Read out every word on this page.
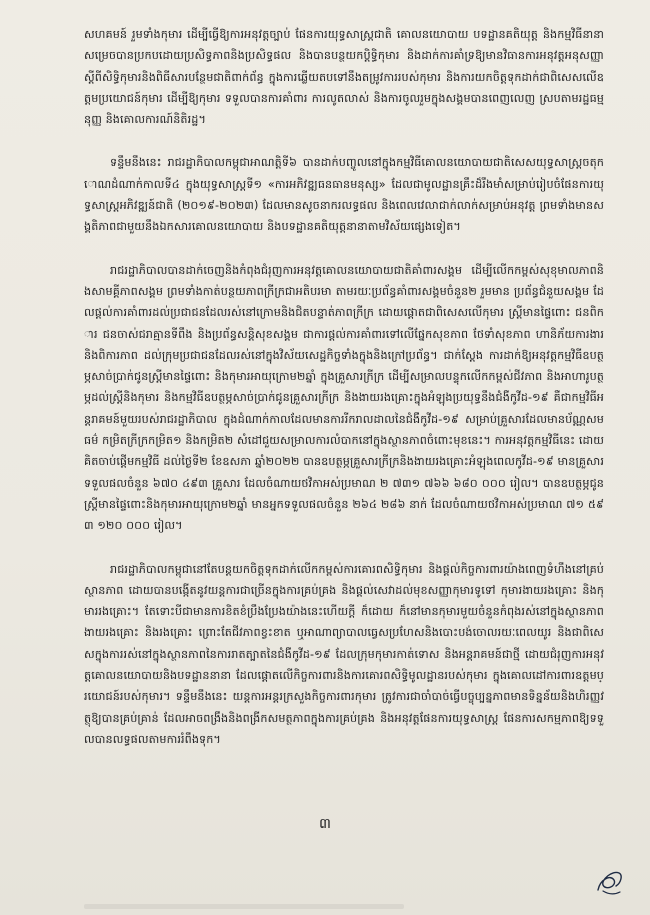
សហគមន៍ រួមទាំងកុមារ ដើម្បីធ្វើឱ្យការអនុវត្តច្បាប់ ផែនការយុទ្ធសាស្ត្រជាតិ គោលនយោបាយ បទដ្ឋានគតិយុត្ត និងកម្មវិធីនានា សម្រេចបានប្រកបដោយប្រសិទ្ធភាពនិងប្រសិទ្ធផល និងបានបន្ថយកប្តិទ្ធិកុមារ និងដាក់ការគាំទ្រឱ្យមានវិធានការអនុវត្តអនុសញ្ញាស្តីពីសិទ្ធិកុមារនិងពិធីសារបន្ថែមជាតិពាក់ព័ន្ធ ក្នុងការឆ្លើយតបទៅនឹងតម្រូវការរបស់កុមារ និងការយកចិត្តទុកដាក់ជាពិសេសលើឧត្តមប្រយោជន៍កុមារ ដើម្បីឱ្យកុមារ ទទួលបានការគាំពារ ការលូតលាស់ និងការចូលរួមក្នុងសង្គមបានពេញលេញ ស្របតាមរដ្ឋធម្មនុញ្ញ និងគោលការណ៍និតិរដ្ឋ។

ទន្ទឹមនឹងនេះ រាជរដ្ឋាភិបាលកម្ពុជាអាណត្តិទី៦ បានដាក់បញ្ចូលនៅក្នុងកម្មវិធីគោលនយោបាយជាតិសេសយុទ្ធសាស្ត្រចតុកោណដំណាក់កាលទី៤ ក្នុងយុទ្ធសាស្ត្រទី១ «ការអភិវឌ្ឍធនធានមនុស្ស» ដែលជាមូលដ្ឋានគ្រឹះដ៏រឹងមាំសម្រាប់រៀបចំផែនការយុទ្ធសាស្ត្រអភិវឌ្ឍន៍ជាតិ (២០១៩-២០២៣) ដែលមានសូចនាករលទ្ធផល និងពេលវេលាជាក់លាក់សម្រាប់អនុវត្ត ព្រមទាំងមានសង្គតិភាពជាមួយនឹងឯកសារគោលនយោបាយ និងបទដ្ឋានគតិយុត្តនានាតាមវិស័យផ្សេងទៀត។

រាជរដ្ឋាភិបាលបានដាក់ចេញនិងកំពុងជំរុញការអនុវត្តគោលនយោបាយជាតិគាំពារសង្គម ដើម្បីលើកកម្ពស់សុខុមាលភាពនិងសាមគ្គីភាពសង្គម ព្រមទាំងកាត់បន្ថយភាពក្រីក្រជាអតិបរមា តាមរយៈប្រព័ន្ធគាំពារសង្គមចំនួន២ រួមមាន ប្រព័ន្ធជំនួយសង្គម ដែលផ្តល់ការគាំពារដល់ប្រជាជនដែលរស់នៅក្រោមនិងជិតបន្ទាត់ភាពក្រីក្រ ដោយផ្តោតជាពិសេសលើកុមារ ស្ត្រីមានផ្ទៃពោះ ជនពិការ ជនចាស់ជរាគ្មានទីពឹង និងប្រព័ន្ធសន្តិសុខសង្គម ជាការផ្តល់ការគាំពារទៅលើផ្នែកសុខភាព ថែទាំសុខភាព ហានិភ័យការងារ និងពិការភាព ដល់ក្រុមប្រជាជនដែលរស់នៅក្នុងវិស័យសេដ្ឋកិច្ចទាំងក្នុងនិងក្រៅប្រព័ន្ធ។ ជាក់ស្តែង ការដាក់ឱ្យអនុវត្តកម្មវិធីឧបត្ថម្ភសាច់ប្រាក់ជូនស្ត្រីមានផ្ទៃពោះ និងកុមារអាយុក្រោម២ឆ្នាំ ក្នុងគ្រួសារក្រីក្រ ដើម្បីសម្រាលបន្ទុកលើកកម្ពស់ជីវភាព និងអាហារូបត្ថម្ភដល់ស្ត្រីនិងកុមារ និងកម្មវិធីឧបត្ថម្ភសាច់ប្រាក់ជូនគ្រួសារក្រីក្រ និងងាយរងគ្រោះក្នុងអំឡុងប្រយុទ្ធនឹងជំងឺកូវីដ-១៩ គឺជាកម្មវិធីអន្តរាគមន៍មួយរបស់រាជរដ្ឋាភិបាល ក្នុងដំណាក់កាលដែលមានការរីករាលដាលនៃជំងឺកូវីដ-១៩ សម្រាប់គ្រួសារដែលមានប័ណ្ណសមធម៌ កម្រិតក្រីក្រកម្រិត១ និងកម្រិត២ សំដៅជួយសម្រាលការលំបាកនៅក្នុងស្ថានភាពចំពោះមុខនេះ។ ការអនុវត្តកម្មវិធីនេះ ដោយគិតចាប់ផ្តើមកម្មវិធី ដល់ថ្ងៃទី២ ខែឧសភា ឆ្នាំ២០២២ បានឧបត្ថម្ភគ្រួសារក្រីក្រនិងងាយរងគ្រោះអំឡុងពេលកូវីដ-១៩ មានគ្រួសារទទួលផលចំនួន ៦៧០ ៤៩៣ គ្រួសារ ដែលចំណាយថវិកាអស់ប្រមាណ ២ ៧៣១ ៧៦៦ ៦៨០ ០០០ រៀល។ បានឧបត្ថម្ភជូនស្ត្រីមានផ្ទៃពោះនិងកុមារអាយុក្រោម២ឆ្នាំ មានអ្នកទទួលផលចំនួន ២៦៤ ២៨៦ នាក់ ដែលចំណាយថវិកាអស់ប្រមាណ ៧១ ៥៩៣ ១២០ ០០០ រៀល។

រាជរដ្ឋាភិបាលកម្ពុជានៅតែបន្តយកចិត្តទុកដាក់លើកកម្ពស់ការគោរពសិទ្ធិកុមារ និងផ្តល់កិច្ចការពារយ៉ាងពេញទំហឹងនៅគ្រប់ស្ថានភាព ដោយបានបង្កើតនូវយន្តការជាច្រើនក្នុងការគ្រប់គ្រង និងផ្តល់សេវាដល់មុខសញ្ញាកុមារទូទៅ កុមារងាយរងគ្រោះ និងកុមាររងគ្រោះ។ តែទោះបីជាមានការខិតខំប្រឹងប្រែងយ៉ាងនេះហើយក្តី ក៏ដោយ ក៏នៅមានកុមារមួយចំនួនកំពុងរស់នៅក្នុងស្ថានភាពងាយរងគ្រោះ និងរងគ្រោះ ព្រោះតែជីវភាពខ្វះខាត ឬអាណាព្យាបាលធ្វេសប្រហែសនិងបោះបង់ចោលរយៈពេលយូរ និងជាពិសេសក្នុងការរស់នៅក្នុងស្ថានភាពនៃការរាតត្បាតនៃជំងឺកូវីដ-១៩ ដែលក្រុមកុមារកាត់ទោស និងអន្តរាគមន៍ជាថ្មី ដោយជំរុញការអនុវត្តគោលនយោបាយនិងបទដ្ឋាននានា ដែលផ្តោតលើកិច្ចការពារនិងការគោរពសិទ្ធិមូលដ្ឋានរបស់កុមារ ក្នុងគោលដៅការពារឧត្តមប្រយោជន៍របស់កុមារ។ ទន្ទឹមនឹងនេះ យន្តការអន្តរក្រសួងកិច្ចការពារកុមារ ត្រូវការជាចាំបាច់ធ្វើបច្ចុប្បន្នភាពមានទិន្នន័យនិងហិរញ្ញវត្ថុឱ្យបានគ្រប់គ្រាន់ ដែលអាចពង្រឹងនិងពង្រីកសមត្ថភាពក្នុងការគ្រប់គ្រង និងអនុវត្តផែនការយុទ្ធសាស្ត្រ ផែនការសកម្មភាពឱ្យទទួលបានលទ្ធផលតាមការរំពឹងទុក។

៣
